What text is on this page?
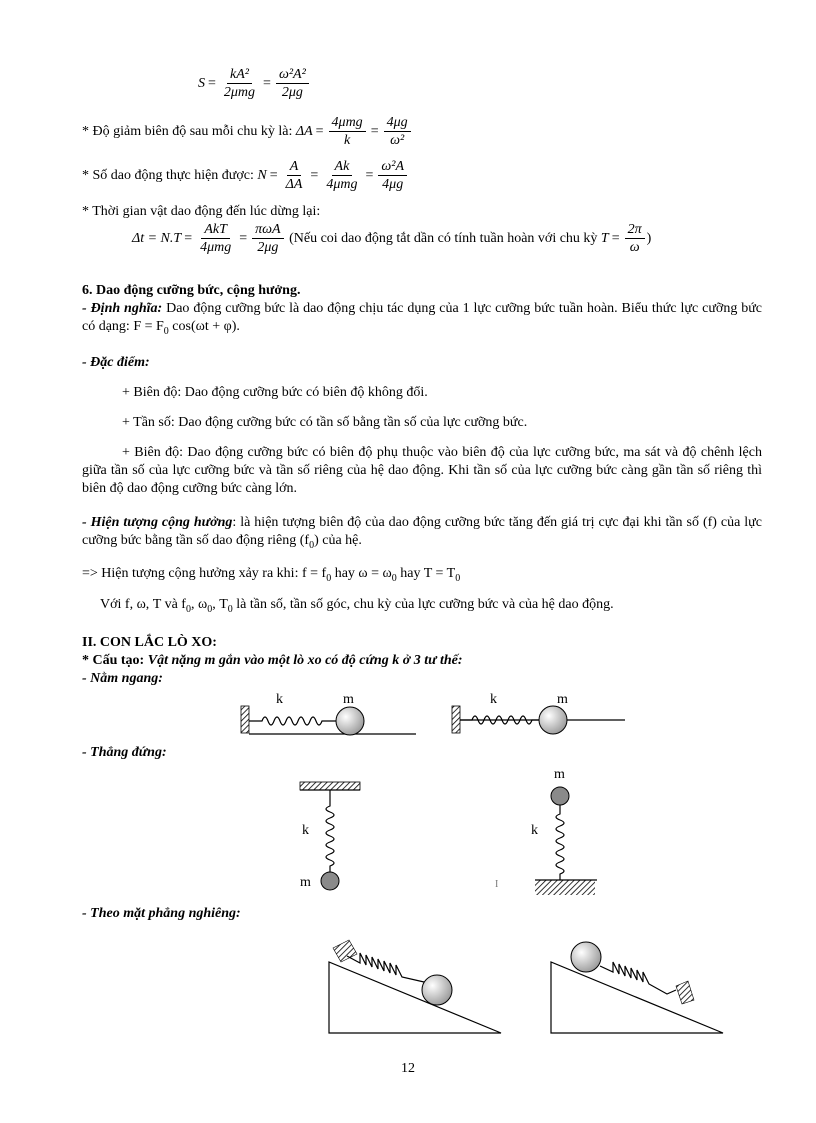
$S = \frac{\text{kA²}}{\text{2μmg}} = \frac{\text{ω²A²}}{2\mu g}$
* Độ giảm biên độ sau mỗi chu kỳ là:
$\Delta A = \frac{\text{4μmg}}{k} = \frac{4\mu g}{\text{ω²}}$
* Số dao động thực hiện được:
$N = \frac{A}{\Delta A} = \frac{Ak}{\text{4μmg}} = \frac{\text{ω²A}}{4\mu g}$
* Thời gian vật dao động đến lúc dừng lại:
$\Delta t = N.T = \frac{\text{AkT}}{\text{4μmg}} = \frac{\text{πωA}}{2\mu g}$
(Nếu coi dao động tắt dần có tính tuần hoàn với chu kỳ
$T = \frac{2\pi}{\omega}$ )
6. Dao động cưỡng bức, cộng hưởng.
- Định nghĩa: Dao động cưỡng bức là dao động chịu tác dụng của 1 lực cưỡng bức tuần hoàn. Biểu thức lực cưỡng bức có dạng: $F = F_0$ cos(ωt + φ).
- Đặc điểm:
+ Biên độ: Dao động cưỡng bức có biên độ không đổi.
+ Tần số: Dao động cưỡng bức có tần số bằng tần số của lực cưỡng bức.
+ Biên độ: Dao động cưỡng bức có biên độ phụ thuộc vào biên độ của lực cưỡng bức, ma sát và độ chênh lệch giữa tần số của lực cưỡng bức và tần số riêng của hệ dao động. Khi tần số của lực cưỡng bức càng gần tần số riêng thì biên độ dao động cưỡng bức càng lớn.
- Hiện tượng cộng hưởng: là hiện tượng biên độ của dao động cưỡng bức tăng đến giá trị cực đại khi tần số (f) của lực cưỡng bức bằng tần số dao động riêng $(f_0)$ của hệ.
=> Hiện tượng cộng hưởng xảy ra khi: $f = f_0$ hay $\omega = \omega_0$ hay $T = T_0$
Với f, ω, T và $f_0$, $\omega_0$, $T_0$ là tần số, tần số góc, chu kỳ của lực cưỡng bức và của hệ dao động.
II. CON LẮC LÒ XO:
* Cấu tạo: Vật nặng m gắn vào một lò xo có độ cứng k ở 3 tư thế:
- Nằm ngang:
- Thẳng đứng:
- Theo mặt phẳng nghiêng:
k	m	k	m
k
m
m
k
I
12
